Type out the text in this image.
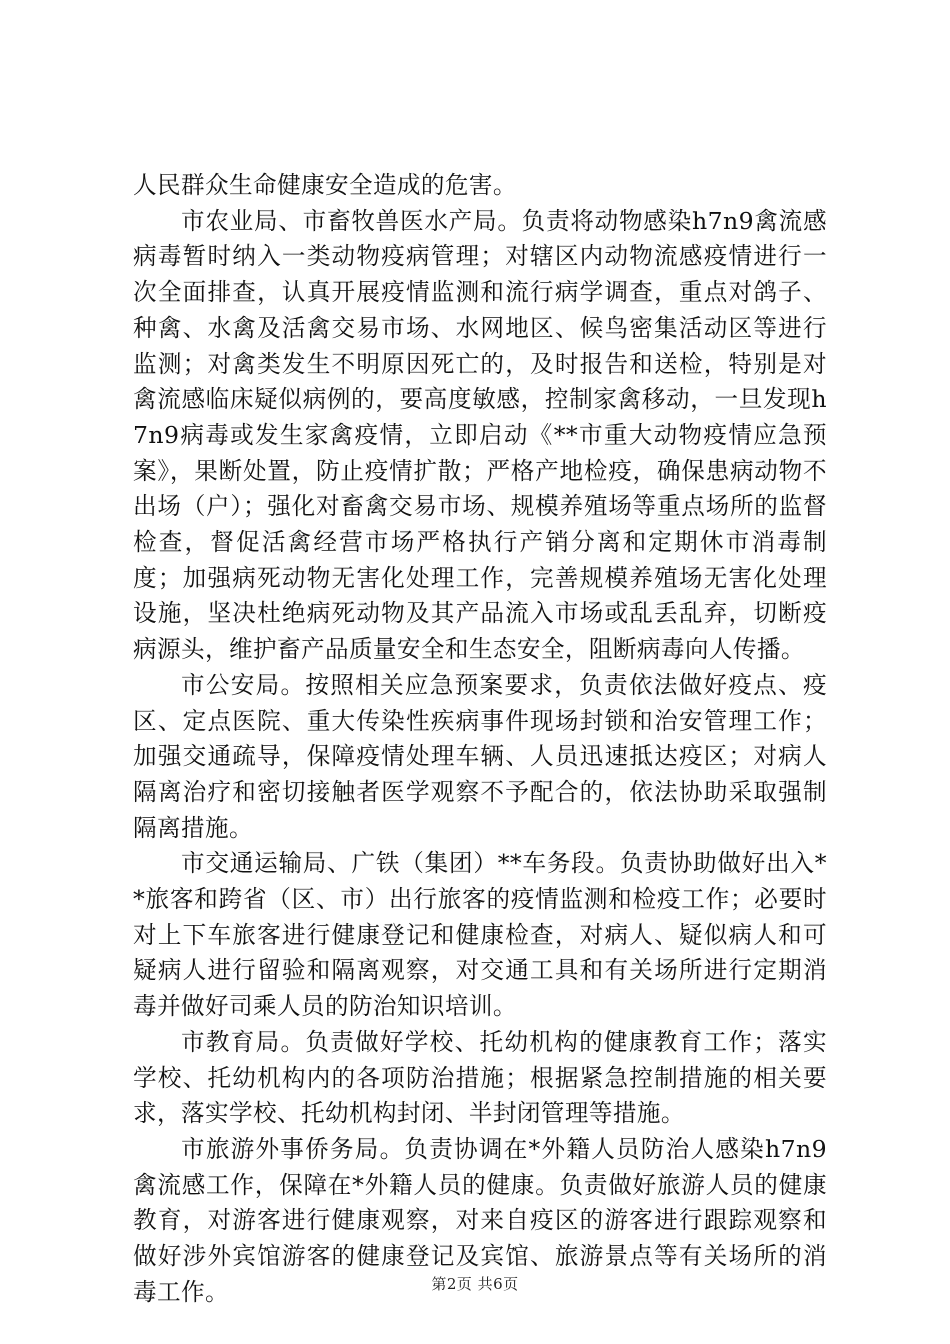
人民群众生命健康安全造成的危害。

市农业局、市畜牧兽医水产局。负责将动物感染h7n9禽流感病毒暂时纳入一类动物疫病管理；对辖区内动物流感疫情进行一次全面排查，认真开展疫情监测和流行病学调查，重点对鸽子、种禽、水禽及活禽交易市场、水网地区、候鸟密集活动区等进行监测；对禽类发生不明原因死亡的，及时报告和送检，特别是对禽流感临床疑似病例的，要高度敏感，控制家禽移动，一旦发现h7n9病毒或发生家禽疫情，立即启动《**市重大动物疫情应急预案》，果断处置，防止疫情扩散；严格产地检疫，确保患病动物不出场（户）；强化对畜禽交易市场、规模养殖场等重点场所的监督检查，督促活禽经营市场严格执行产销分离和定期休市消毒制度；加强病死动物无害化处理工作，完善规模养殖场无害化处理设施，坚决杜绝病死动物及其产品流入市场或乱丢乱弃，切断疫病源头，维护畜产品质量安全和生态安全，阻断病毒向人传播。

市公安局。按照相关应急预案要求，负责依法做好疫点、疫区、定点医院、重大传染性疾病事件现场封锁和治安管理工作；加强交通疏导，保障疫情处理车辆、人员迅速抵达疫区；对病人隔离治疗和密切接触者医学观察不予配合的，依法协助采取强制隔离措施。

市交通运输局、广铁（集团）**车务段。负责协助做好出入**旅客和跨省（区、市）出行旅客的疫情监测和检疫工作；必要时对上下车旅客进行健康登记和健康检查，对病人、疑似病人和可疑病人进行留验和隔离观察，对交通工具和有关场所进行定期消毒并做好司乘人员的防治知识培训。

市教育局。负责做好学校、托幼机构的健康教育工作；落实学校、托幼机构内的各项防治措施；根据紧急控制措施的相关要求，落实学校、托幼机构封闭、半封闭管理等措施。

市旅游外事侨务局。负责协调在*外籍人员防治人感染h7n9禽流感工作，保障在*外籍人员的健康。负责做好旅游人员的健康教育，对游客进行健康观察，对来自疫区的游客进行跟踪观察和做好涉外宾馆游客的健康登记及宾馆、旅游景点等有关场所的消毒工作。	第2页 共6页
